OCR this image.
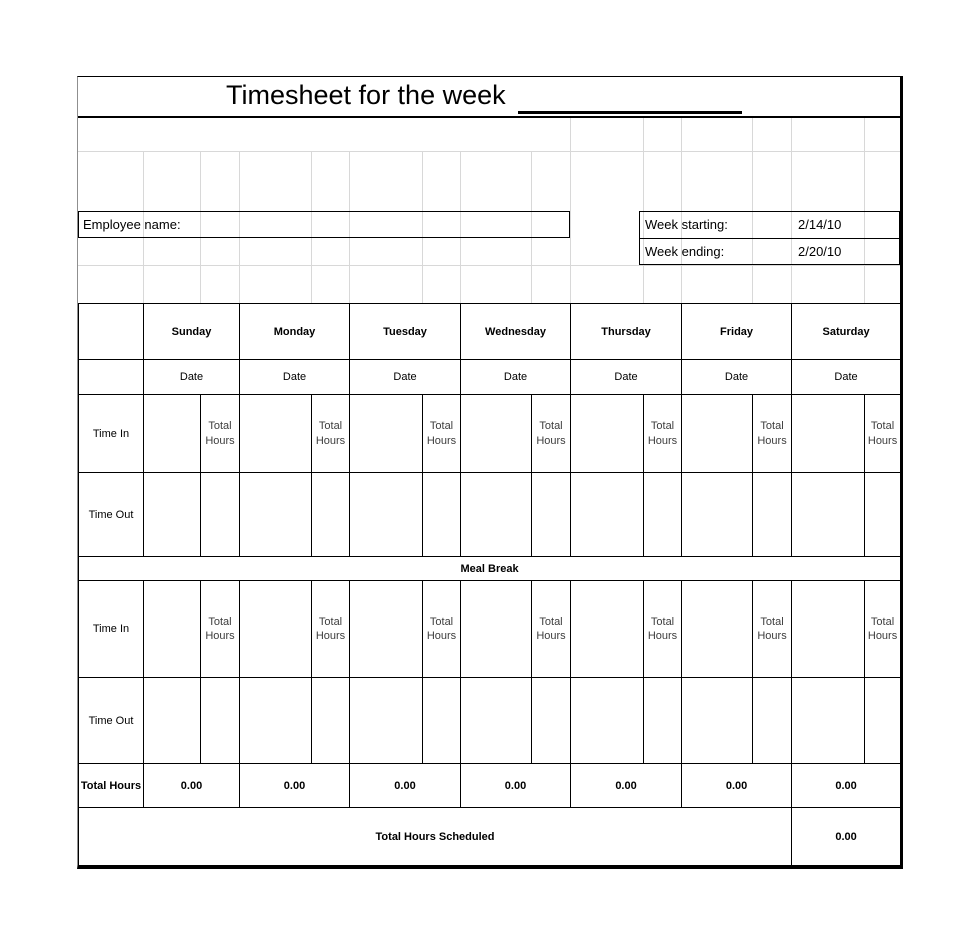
Timesheet for the week
Employee name:	Week starting:	2/14/10
Week ending:	2/20/10
	Sunday		Monday		Tuesday		Wednesday		Thursday		Friday		Saturday	
	Date		Date		Date		Date		Date		Date		Date	
Time In		Total Hours		Total Hours		Total Hours		Total Hours		Total Hours		Total Hours		Total Hours
Time Out														
Meal Break														
Time In		Total Hours		Total Hours		Total Hours		Total Hours		Total Hours		Total Hours		Total Hours
Time Out														
Total Hours	0.00		0.00		0.00		0.00		0.00		0.00		0.00	
Total Hours Scheduled													0.00	
